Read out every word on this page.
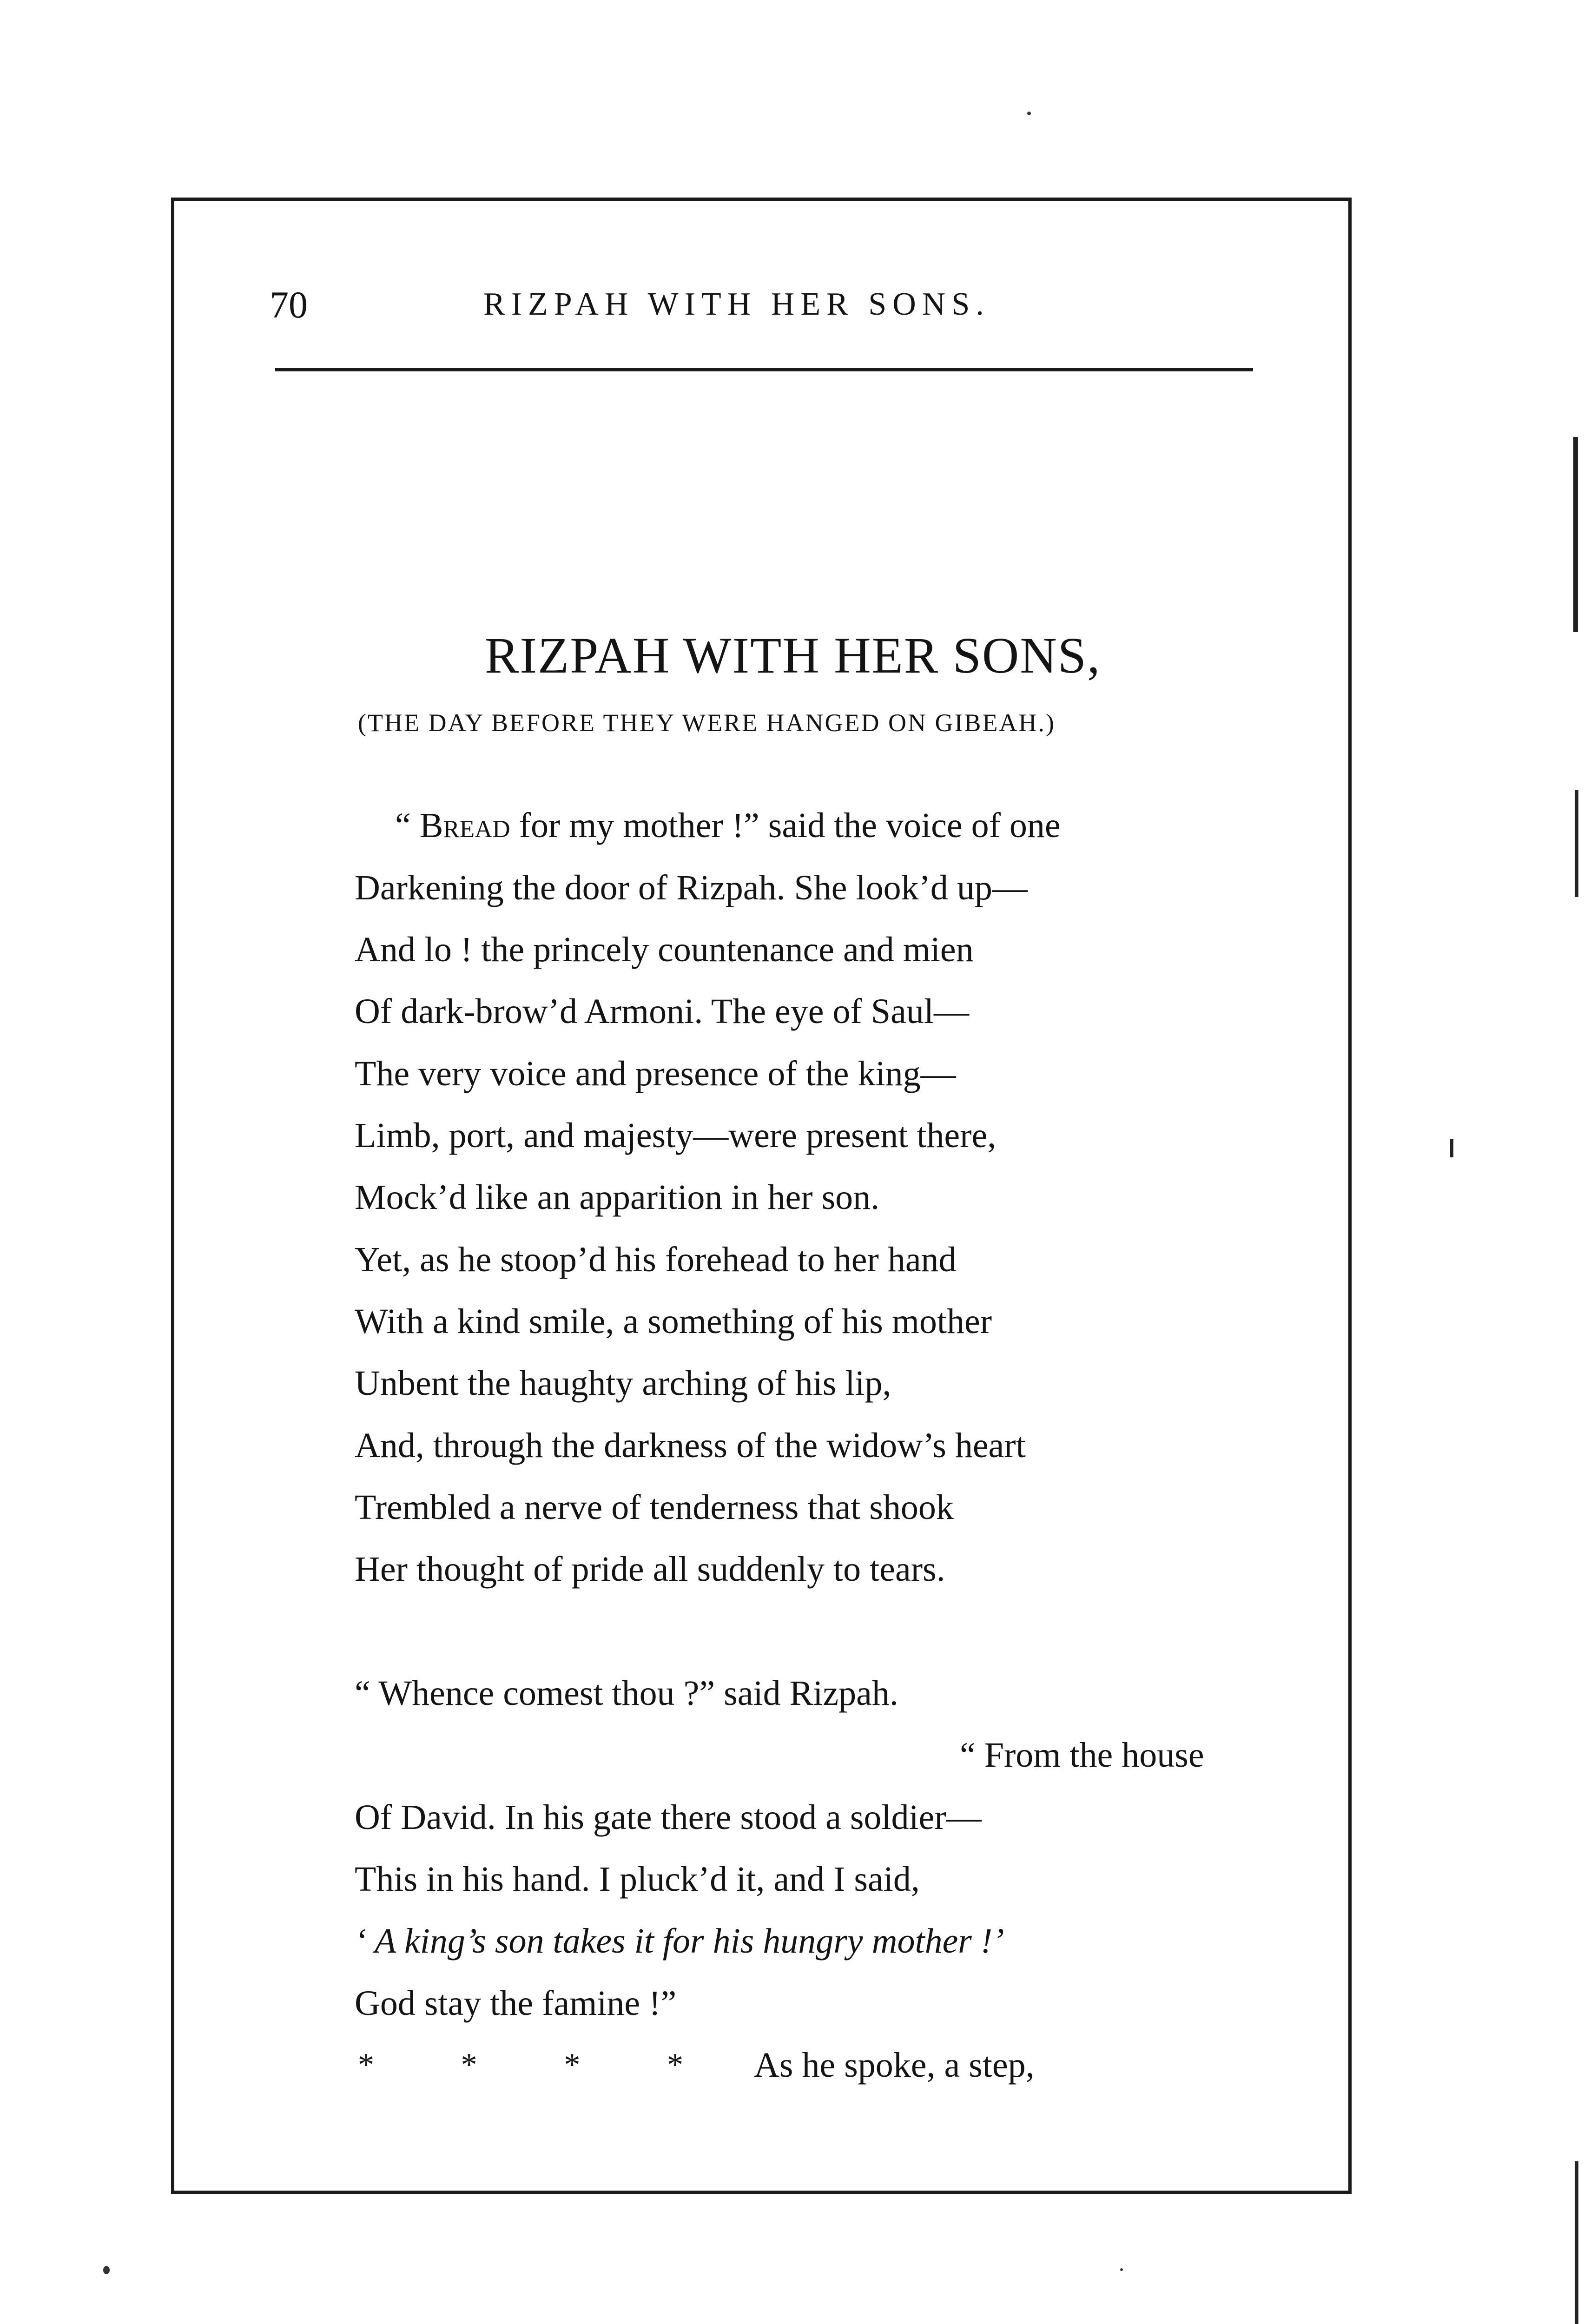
70	RIZPAH WITH HER SONS.
RIZPAH WITH HER SONS,
(THE DAY BEFORE THEY WERE HANGED ON GIBEAH.)
“ Bread for my mother !” said the voice of one
Darkening the door of Rizpah. She look’d up—
And lo ! the princely countenance and mien
Of dark-brow’d Armoni. The eye of Saul—
The very voice and presence of the king—
Limb, port, and majesty—were present there,
Mock’d like an apparition in her son.
Yet, as he stoop’d his forehead to her hand
With a kind smile, a something of his mother
Unbent the haughty arching of his lip,
And, through the darkness of the widow’s heart
Trembled a nerve of tenderness that shook
Her thought of pride all suddenly to tears.
“ Whence comest thou ?” said Rizpah.
“ From the house
Of David. In his gate there stood a soldier—
This in his hand. I pluck’d it, and I said,
‘ A king’s son takes it for his hungry mother !’
God stay the famine !”
*	*	*	* As he spoke, a step,
